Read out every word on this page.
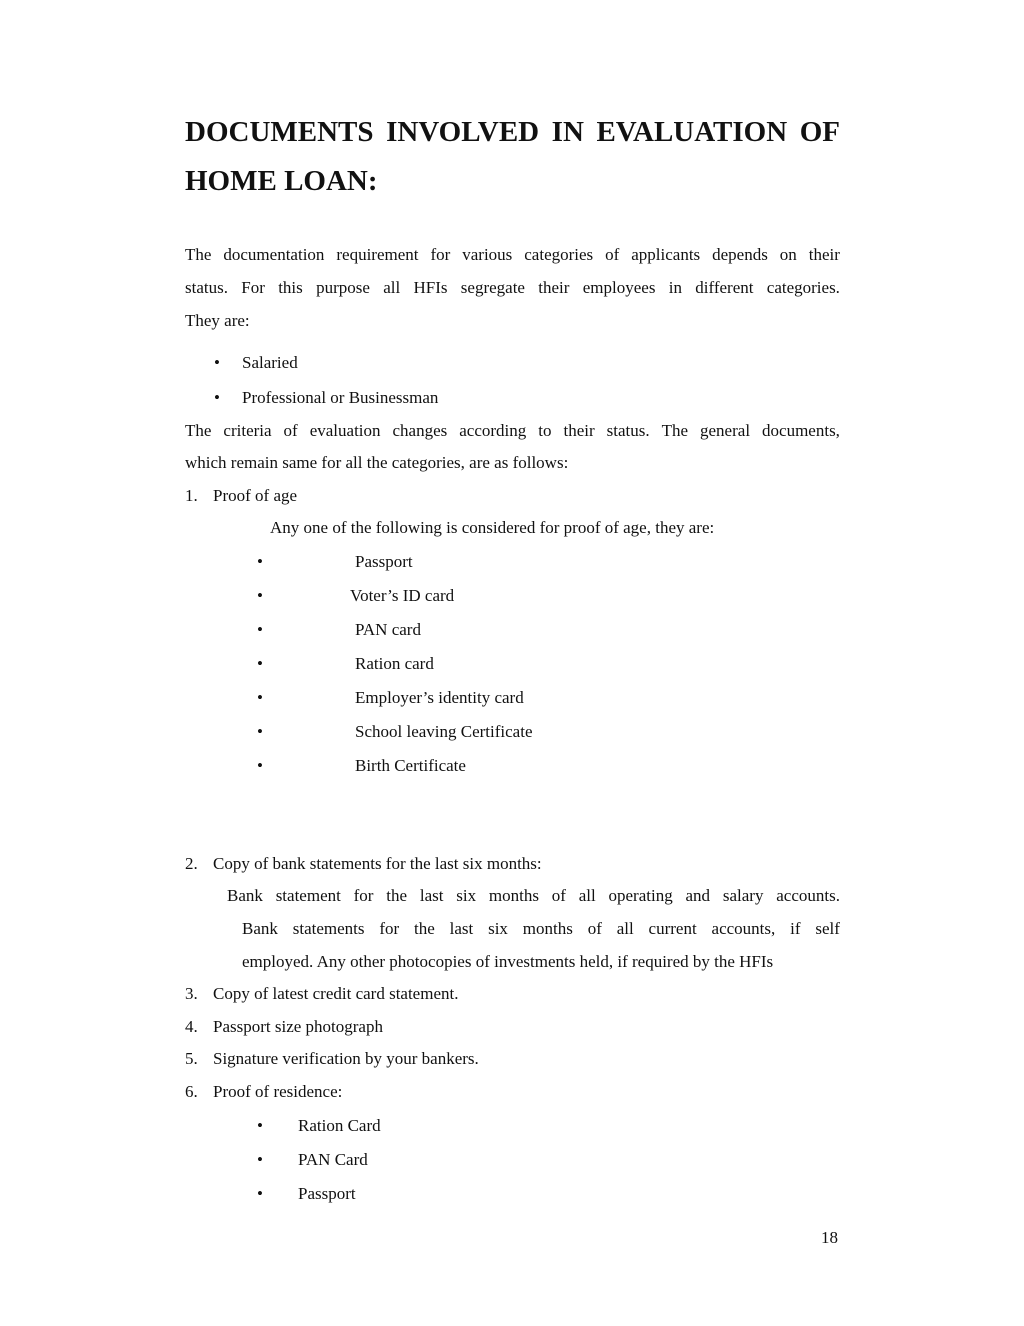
DOCUMENTS INVOLVED IN EVALUATION OF
HOME LOAN:
The documentation requirement for various categories of applicants depends on their
status. For this purpose all HFIs segregate their employees in different categories.
They are:
• Salaried
• Professional or Businessman
The criteria of evaluation changes according to their status. The general documents,
which remain same for all the categories, are as follows:
1. Proof of age
Any one of the following is considered for proof of age, they are:
•	Passport
•	Voter’s ID card
•	PAN card
•	Ration card
•	Employer’s identity card
•	School leaving Certificate
•	Birth Certificate
2. Copy of bank statements for the last six months:
Bank statement for the last six months of all operating and salary accounts.
Bank statements for the last six months of all current accounts, if self
employed. Any other photocopies of investments held, if required by the HFIs
3. Copy of latest credit card statement.
4. Passport size photograph
5. Signature verification by your bankers.
6. Proof of residence:
• Ration Card
• PAN Card
• Passport
18
